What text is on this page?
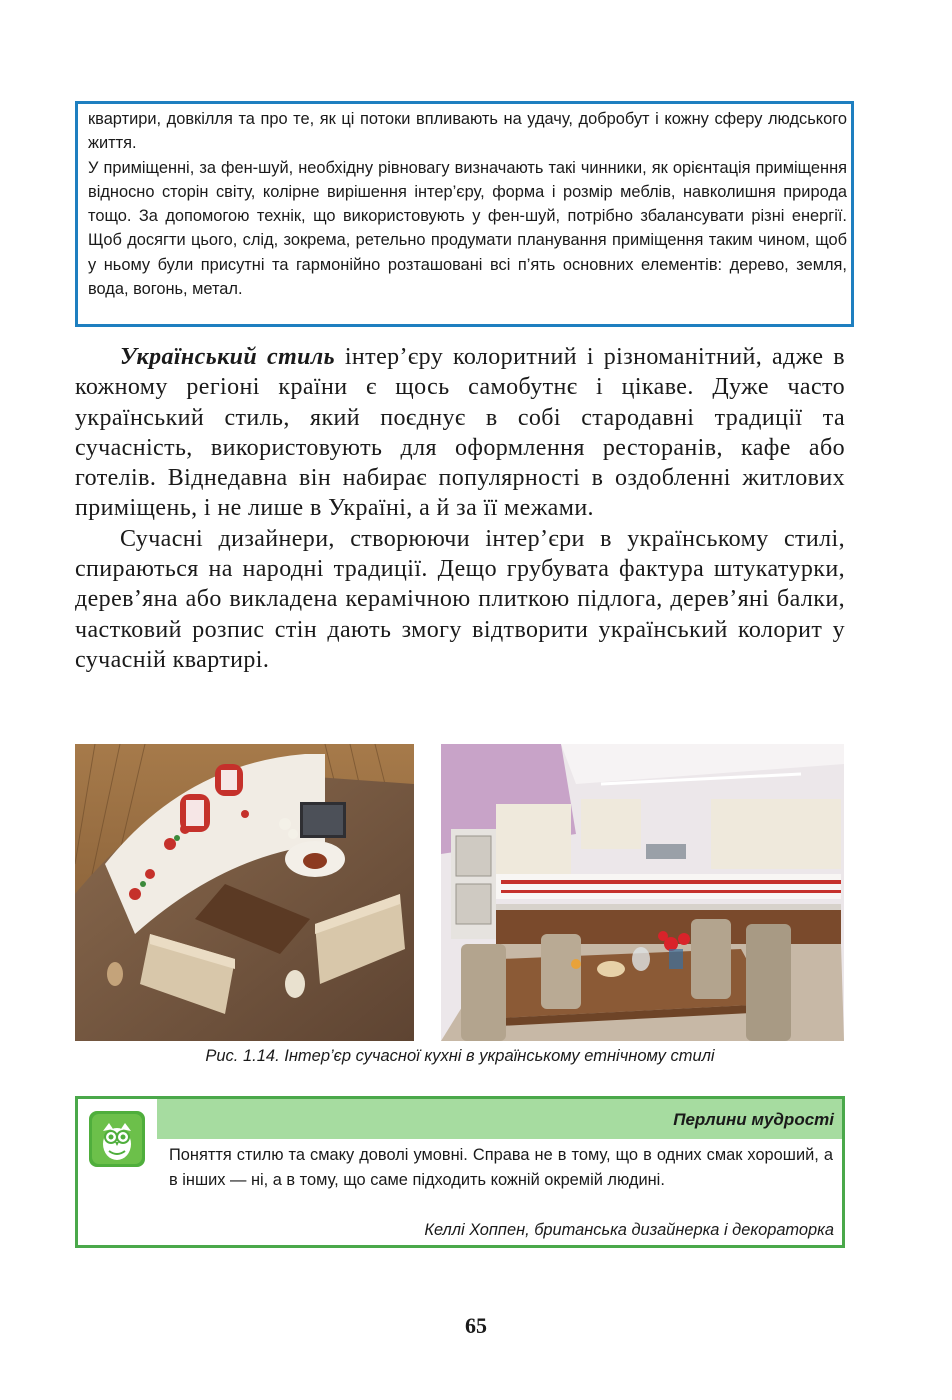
квартири, довкілля та про те, як ці потоки впливають на удачу, добробут і кожну сферу людського життя.

У приміщенні, за фен-шуй, необхідну рівновагу визначають такі чинники, як орієнтація приміщення відносно сторін світу, колірне вирішення інтер’єру, форма і розмір меблів, навколишня природа тощо. За допомогою технік, що використовують у фен-шуй, потрібно збалансувати різні енергії. Щоб досягти цього, слід, зокрема, ретельно продумати планування приміщення таким чином, щоб у ньому були присутні та гармонійно розташовані всі п’ять основних елементів: дерево, земля, вода, вогонь, метал.

Український стиль інтер’єру колоритний і різноманітний, адже в кожному регіоні країни є щось самобутнє і цікаве. Дуже часто український стиль, який поєднує в собі стародавні традиції та сучасність, використовують для оформлення ресторанів, кафе або готелів. Віднедавна він набирає популярності в оздобленні житлових приміщень, і не лише в Україні, а й за її межами.

Сучасні дизайнери, створюючи інтер’єри в українському стилі, спираються на народні традиції. Дещо грубувата фактура штукатурки, дерев’яна або викладена керамічною плиткою підлога, дерев’яні балки, частковий розпис стін дають змогу відтворити український колорит у сучасній квартирі.

Рис. 1.14. Інтер’єр сучасної кухні в українському етнічному стилі
Перлини мудрості
Поняття стилю та смаку доволі умовні. Справа не в тому, що в одних смак хороший, а в інших — ні, а в тому, що саме підходить кожній окремій людині.
Келлі Хоппен, британська дизайнерка і декораторка
65
